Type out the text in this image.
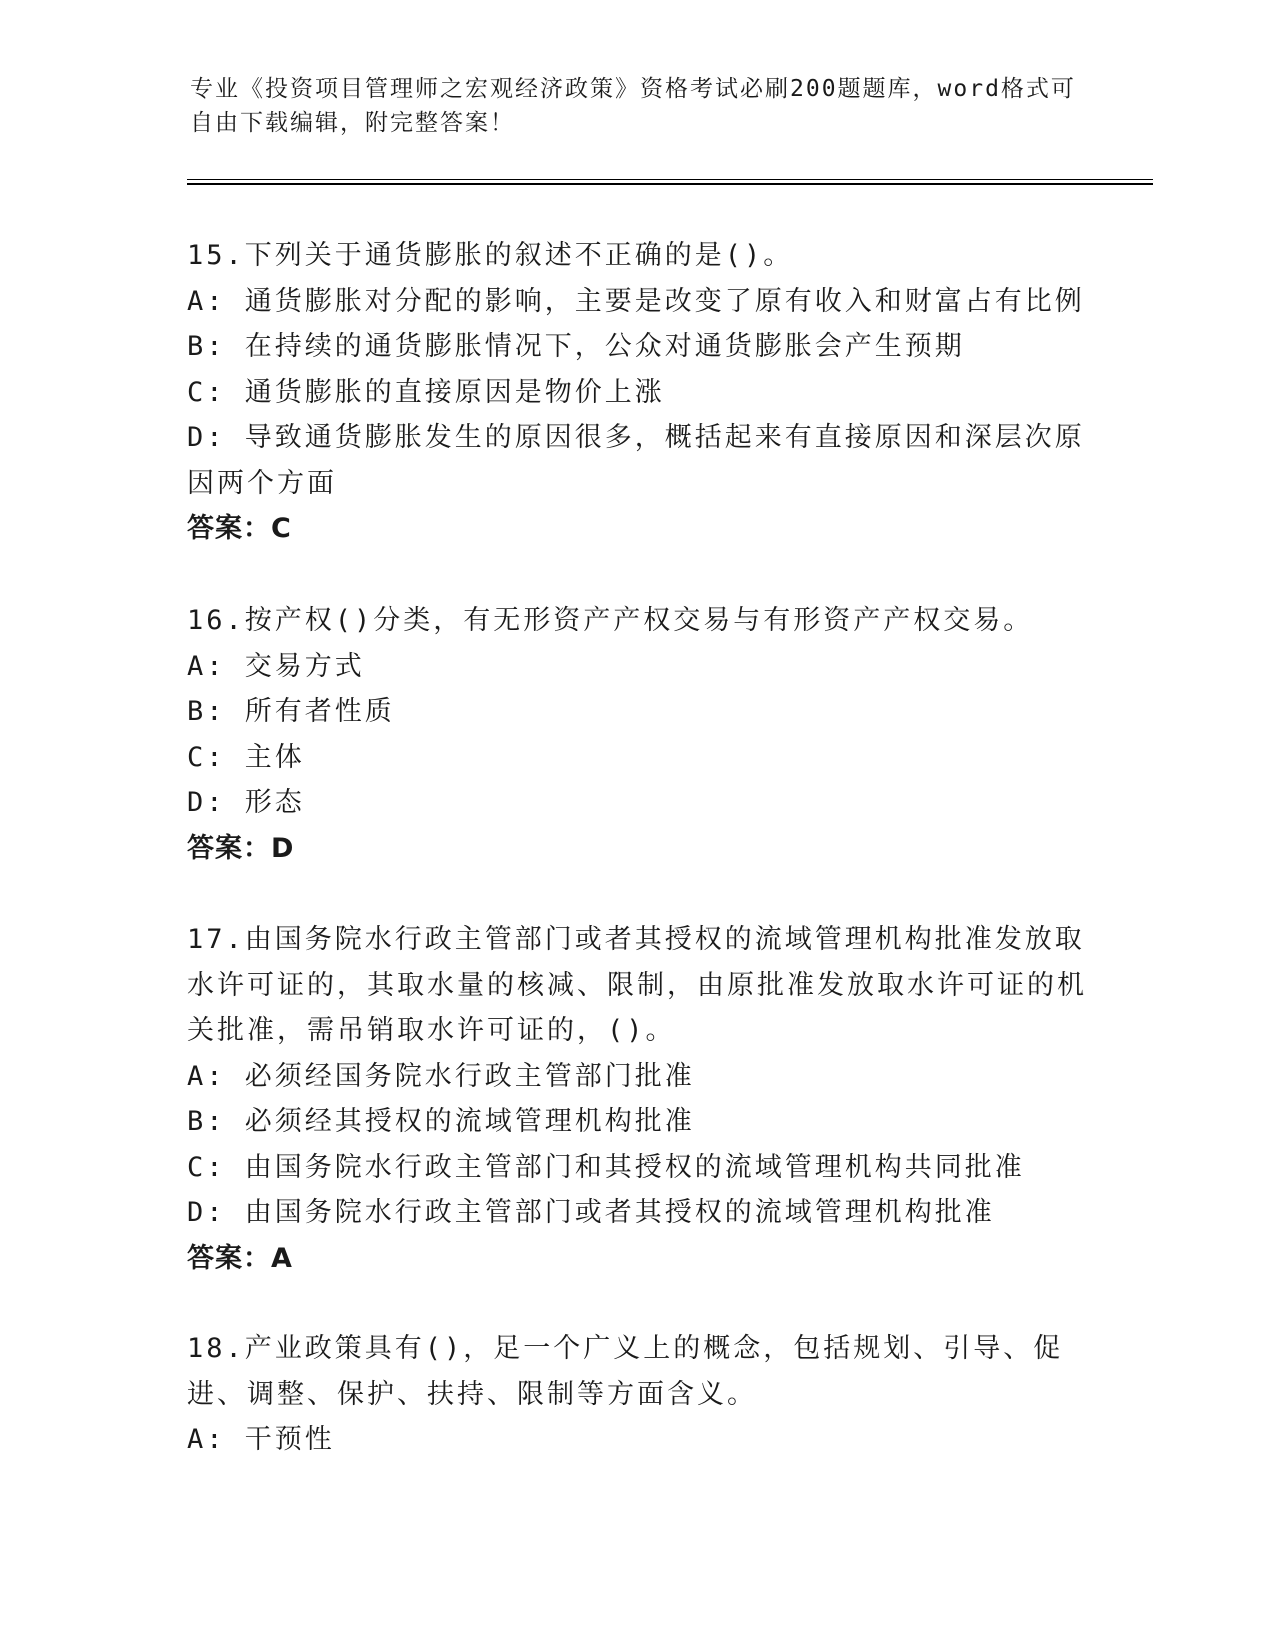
专业《投资项目管理师之宏观经济政策》资格考试必刷200题题库，word格式可自由下载编辑，附完整答案！

15.下列关于通货膨胀的叙述不正确的是()。

A: 通货膨胀对分配的影响，主要是改变了原有收入和财富占有比例

B: 在持续的通货膨胀情况下，公众对通货膨胀会产生预期

C: 通货膨胀的直接原因是物价上涨

D: 导致通货膨胀发生的原因很多，概括起来有直接原因和深层次原因两个方面

答案：C

16.按产权()分类，有无形资产产权交易与有形资产产权交易。

A: 交易方式

B: 所有者性质

C: 主体

D: 形态

答案：D

17.由国务院水行政主管部门或者其授权的流域管理机构批准发放取水许可证的，其取水量的核减、限制，由原批准发放取水许可证的机关批准，需吊销取水许可证的，()。

A: 必须经国务院水行政主管部门批准

B: 必须经其授权的流域管理机构批准

C: 由国务院水行政主管部门和其授权的流域管理机构共同批准

D: 由国务院水行政主管部门或者其授权的流域管理机构批准

答案：A

18.产业政策具有()，足一个广义上的概念，包括规划、引导、促进、调整、保护、扶持、限制等方面含义。

A: 干预性
